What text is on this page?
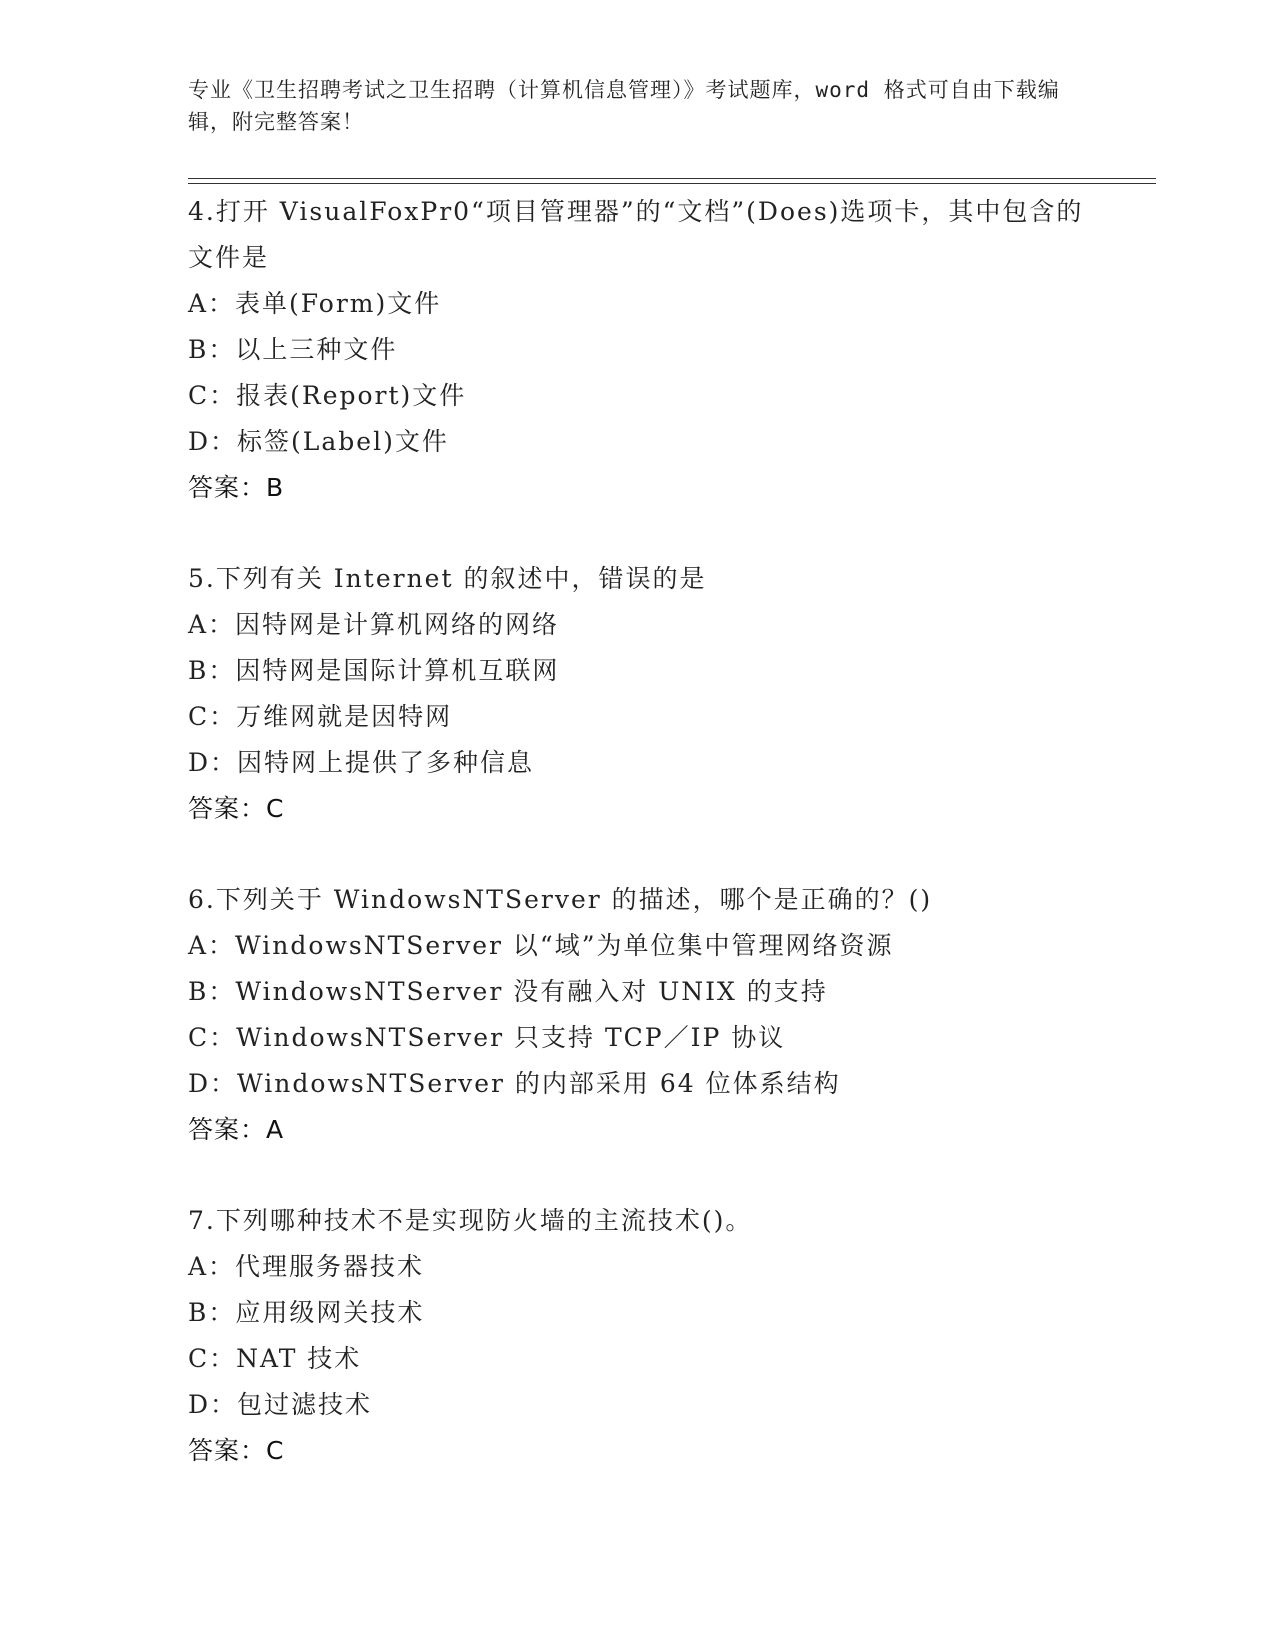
专业《卫生招聘考试之卫生招聘（计算机信息管理）》考试题库，word 格式可自由下载编辑，附完整答案！
4.打开 VisualFoxPr0“项目管理器”的“文档”(Does)选项卡，其中包含的文件是
A：表单(Form)文件
B：以上三种文件
C：报表(Report)文件
D：标签(Label)文件
答案：B
5.下列有关 Internet 的叙述中，错误的是
A：因特网是计算机网络的网络
B：因特网是国际计算机互联网
C：万维网就是因特网
D：因特网上提供了多种信息
答案：C
6.下列关于 WindowsNTServer 的描述，哪个是正确的？()
A：WindowsNTServer 以“域”为单位集中管理网络资源
B：WindowsNTServer 没有融入对 UNIX 的支持
C：WindowsNTServer 只支持 TCP／IP 协议
D：WindowsNTServer 的内部采用 64 位体系结构
答案：A
7.下列哪种技术不是实现防火墙的主流技术()。
A：代理服务器技术
B：应用级网关技术
C：NAT 技术
D：包过滤技术
答案：C
